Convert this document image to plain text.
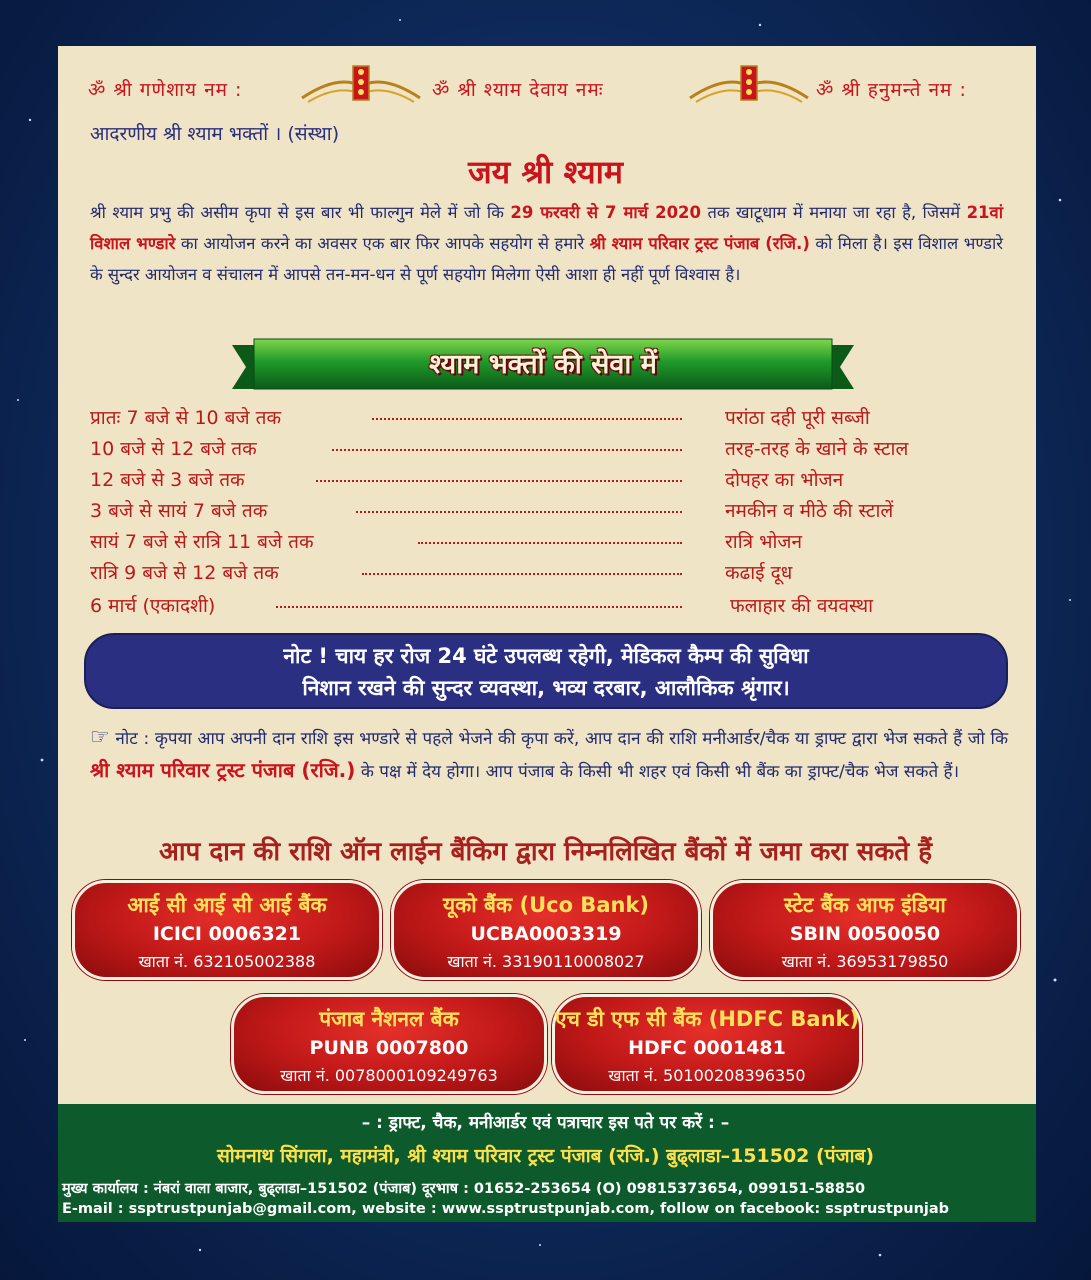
ॐ श्री गणेशाय नम :	ॐ श्री श्याम देवाय नमः	ॐ श्री हनुमन्ते नम :
आदरणीय श्री श्याम भक्तों । (संस्था)
जय श्री श्याम
श्री श्याम प्रभु की असीम कृपा से इस बार भी फाल्गुन मेले में जो कि 29 फरवरी से 7 मार्च 2020 तक खाटूधाम में मनाया जा रहा है, जिसमें 21वां विशाल भण्डारे का आयोजन करने का अवसर एक बार फिर आपके सहयोग से हमारे श्री श्याम परिवार ट्रस्ट पंजाब (रजि.) को मिला है। इस विशाल भण्डारे के सुन्दर आयोजन व संचालन में आपसे तन-मन-धन से पूर्ण सहयोग मिलेगा ऐसी आशा ही नहीं पूर्ण विश्वास है।
श्याम भक्तों की सेवा में
प्रातः 7 बजे से 10 बजे तक	परांठा दही पूरी सब्जी
10 बजे से 12 बजे तक	तरह-तरह के खाने के स्टाल
12 बजे से 3 बजे तक	दोपहर का भोजन
3 बजे से सायं 7 बजे तक	नमकीन व मीठे की स्टालें
सायं 7 बजे से रात्रि 11 बजे तक	रात्रि भोजन
रात्रि 9 बजे से 12 बजे तक	कढाई दूध
6 मार्च (एकादशी)	फलाहार की वयवस्था
नोट ! चाय हर रोज 24 घंटे उपलब्ध रहेगी, मेडिकल कैम्प की सुविधा
निशान रखने की सुन्दर व्यवस्था, भव्य दरबार, आलौकिक श्रृंगार।
☞ नोट : कृपया आप अपनी दान राशि इस भण्डारे से पहले भेजने की कृपा करें, आप दान की राशि मनीआर्डर/चैक या ड्राफ्ट द्वारा भेज सकते हैं जो कि श्री श्याम परिवार ट्रस्ट पंजाब (रजि.) के पक्ष में देय होगा। आप पंजाब के किसी भी शहर एवं किसी भी बैंक का ड्राफ्ट/चैक भेज सकते हैं।
आप दान की राशि ऑन लाईन बैंकिग द्वारा निम्नलिखित बैंकों में जमा करा सकते हैं
आई सी आई सी आई बैंक
ICICI 0006321
खाता नं. 632105002388
यूको बैंक (Uco Bank)
UCBA0003319
खाता नं. 33190110008027
स्टेट बैंक आफ इंडिया
SBIN 0050050
खाता नं. 36953179850
पंजाब नैशनल बैंक
PUNB 0007800
खाता नं. 0078000109249763
एच डी एफ सी बैंक (HDFC Bank)
HDFC 0001481
खाता नं. 50100208396350
– : ड्राफ्ट, चैक, मनीआर्डर एवं पत्राचार इस पते पर करें : –
सोमनाथ सिंगला, महामंत्री, श्री श्याम परिवार ट्रस्ट पंजाब (रजि.) बुढ्लाडा–151502 (पंजाब)
मुख्य कार्यालय : नंबरां वाला बाजार, बुढ्लाडा–151502 (पंजाब) दूरभाष : 01652-253654 (O) 09815373654, 099151-58850
E-mail : ssptrustpunjab@gmail.com, website : www.ssptrustpunjab.com, follow on facebook: ssptrustpunjab
